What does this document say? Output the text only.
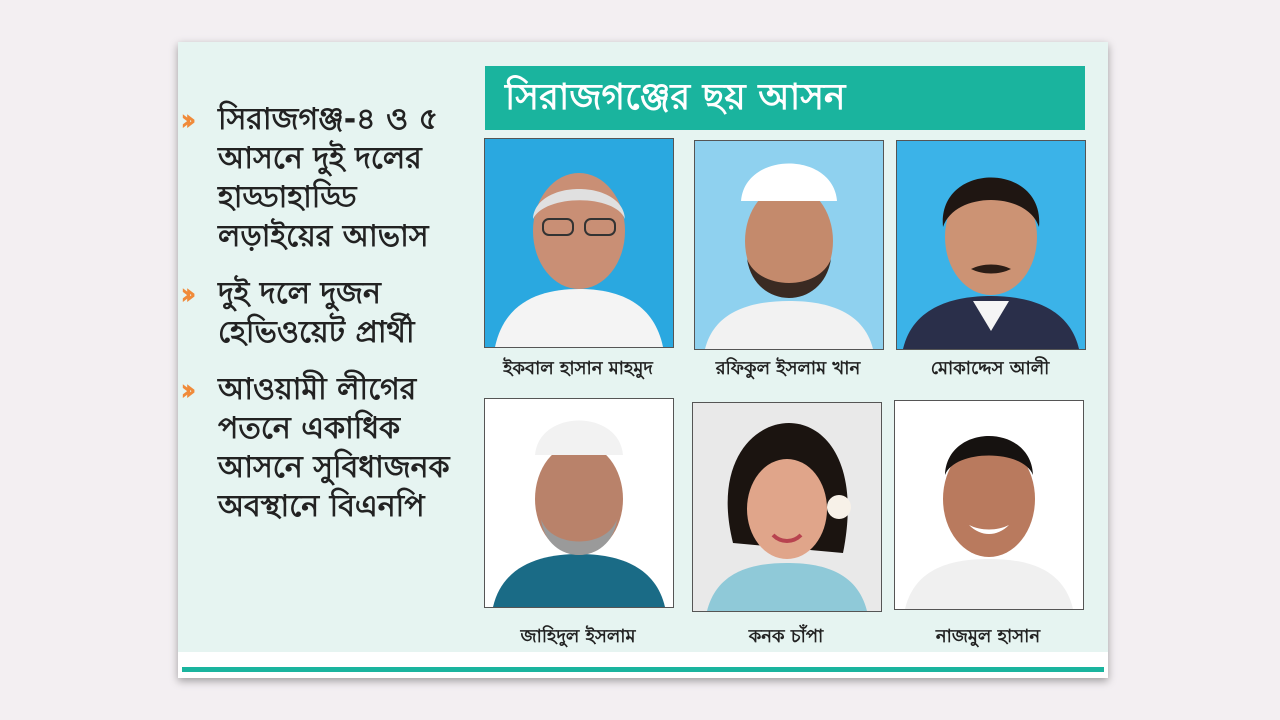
›› সিরাজগঞ্জ-৪ ও ৫ আসনে দুই দলের হাড্ডাহাড্ডি লড়াইয়ের আভাস
›› দুই দলে দুজন হেভিওয়েট প্রার্থী
›› আওয়ামী লীগের পতনে একাধিক আসনে সুবিধাজনক অবস্থানে বিএনপি
সিরাজগঞ্জের ছয় আসন
ইকবাল হাসান মাহমুদ	রফিকুল ইসলাম খান	মোকাদ্দেস আলী
জাহিদুল ইসলাম	কনক চাঁপা	নাজমুল হাসান
